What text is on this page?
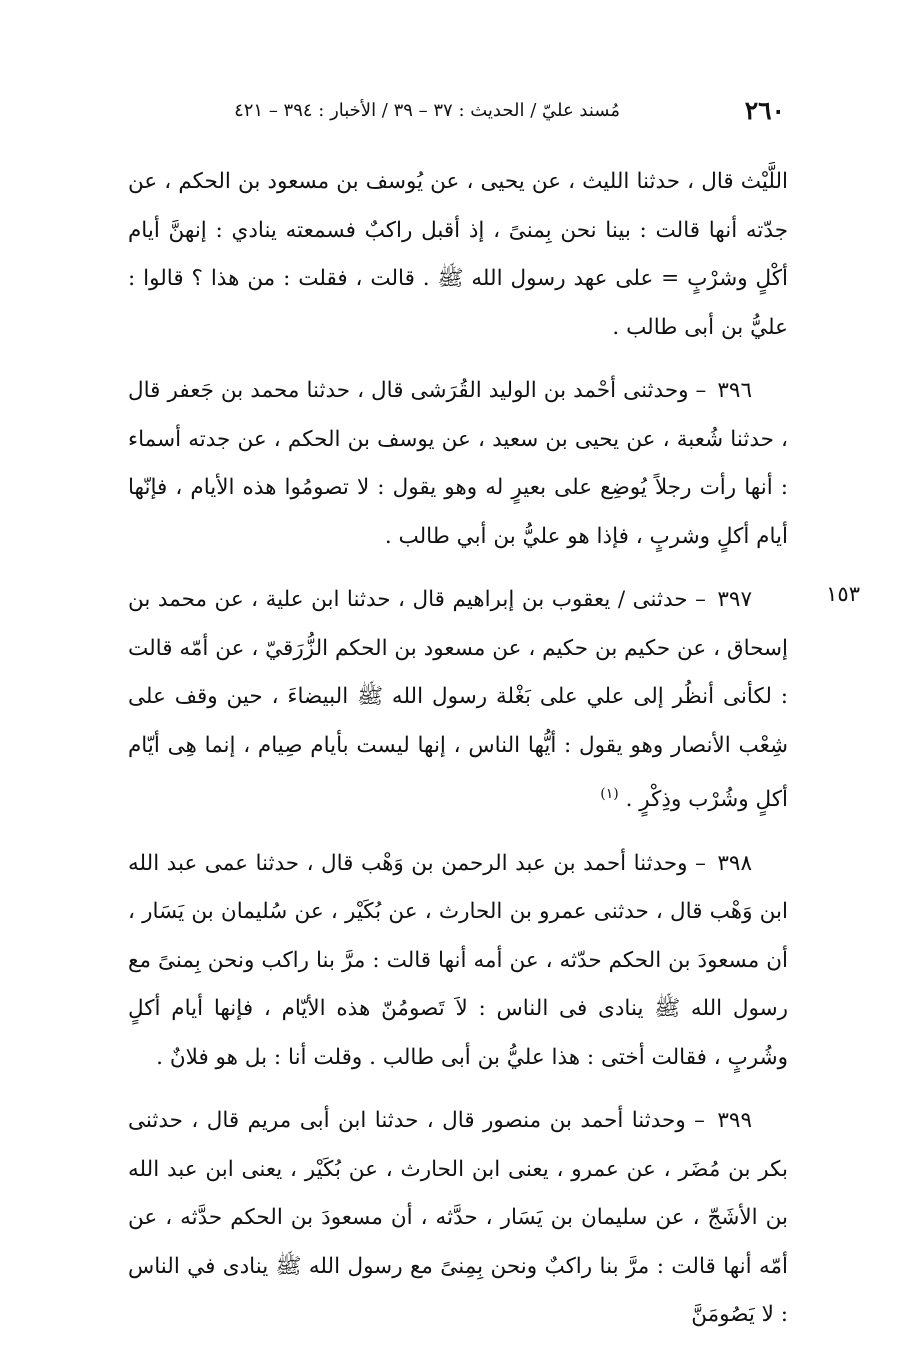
٢٦٠
مُسند عليّ / الحديث : ٣٧ – ٣٩ / الأخبار : ٣٩٤ – ٤٢١
١٥٣

اللَّيْث قال ، حدثنا الليث ، عن يحيى ، عن يُوسف بن مسعود بن الحكم ، عن جدّته أنها قالت : بينا نحن بِمنىً ، إذ أقبل راكبٌ فسمعته ينادي : إنهنَّ أيام أكْلٍ وشرْبٍ = على عهد رسول الله ﷺ . قالت ، فقلت : من هذا ؟ قالوا : عليُّ بن أبى طالب .

٣٩٦ – وحدثنى أحْمد بن الوليد القُرَشى قال ، حدثنا محمد بن جَعفر قال ، حدثنا شُعبة ، عن يحيى بن سعيد ، عن يوسف بن الحكم ، عن جدته أسماء : أنها رأت رجلاً يُوضِع على بعيرٍ له وهو يقول : لا تصومُوا هذه الأيام ، فإنّها أيام أكلٍ وشربٍ ، فإذا هو عليُّ بن أبي طالب .

٣٩٧ – حدثنى / يعقوب بن إبراهيم قال ، حدثنا ابن علية ، عن محمد بن إسحاق ، عن حكيم بن حكيم ، عن مسعود بن الحكم الزُّرَقيّ ، عن أمّه قالت : لكأنى أنظُر إلى علي على بَغْلة رسول الله ﷺ البيضاءَ ، حين وقف على شِعْب الأنصار وهو يقول : أيُّها الناس ، إنها ليست بأيام صِيام ، إنما هِى أيّام أكلٍ وشُرْب وذِكْرٍ . $^{(١)}$

٣٩٨ – وحدثنا أحمد بن عبد الرحمن بن وَهْب قال ، حدثنا عمى عبد الله ابن وَهْب قال ، حدثنى عمرو بن الحارث ، عن بُكَيْر ، عن سُليمان بن يَسَار ، أن مسعودَ بن الحكم حدّثه ، عن أمه أنها قالت : مرَّ بنا راكب ونحن بِمنىً مع رسول الله ﷺ ينادى فى الناس : لاَ تَصومُنّ هذه الأيّام ، فإنها أيام أكلٍ وشُربٍ ، فقالت أختى : هذا عليُّ بن أبى طالب . وقلت أنا : بل هو فلانٌ .

٣٩٩ – وحدثنا أحمد بن منصور قال ، حدثنا ابن أبى مريم قال ، حدثنى بكر بن مُضَر ، عن عمرو ، يعنى ابن الحارث ، عن بُكَيْر ، يعنى ابن عبد الله بن الأشَجّ ، عن سليمان بن يَسَار ، حدَّثه ، أن مسعودَ بن الحكم حدَّثه ، عن أمّه أنها قالت : مرَّ بنا راكبٌ ونحن بِمِنىً مع رسول الله ﷺ ينادى في الناس : لا يَصُومَنَّ
